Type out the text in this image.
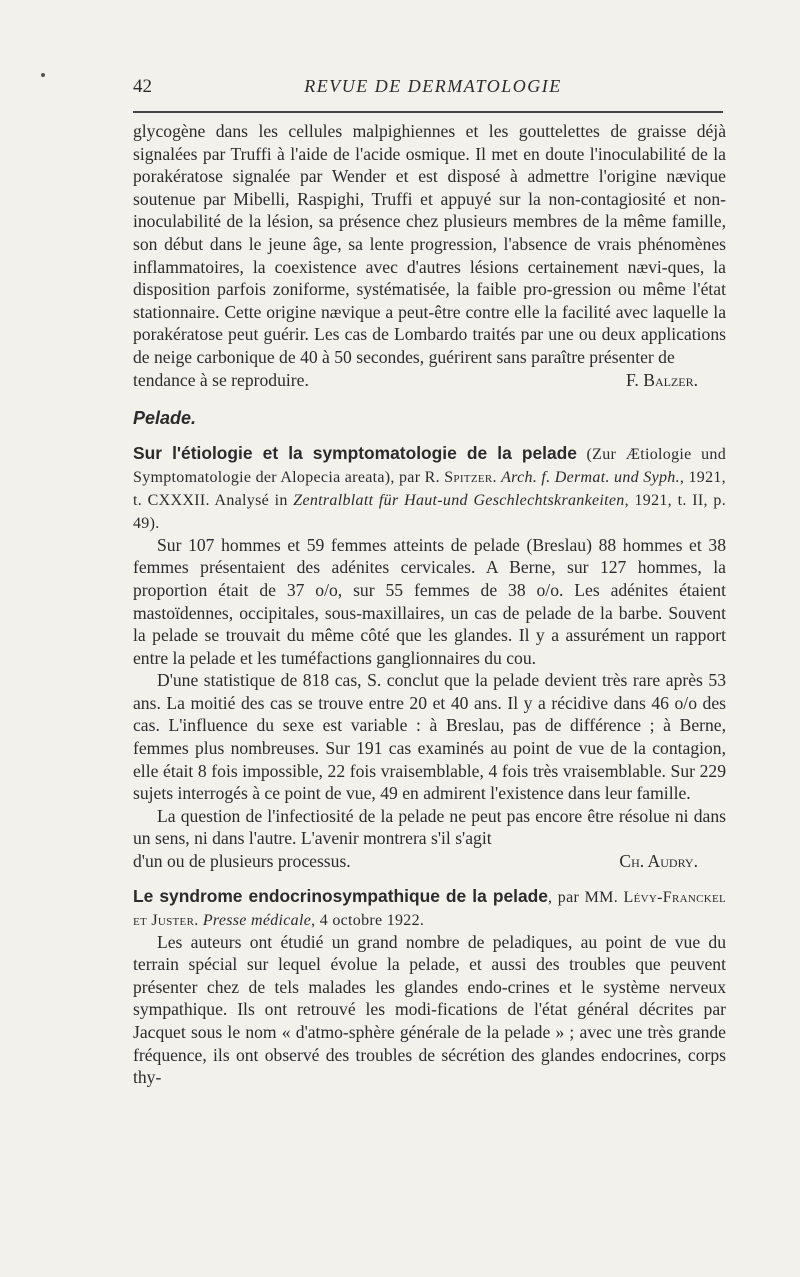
42	REVUE DE DERMATOLOGIE

glycogène dans les cellules malpighiennes et les gouttelettes de graisse déjà signalées par Truffi à l'aide de l'acide osmique. Il met en doute l'inoculabilité de la porakératose signalée par Wender et est disposé à admettre l'origine nævique soutenue par Mibelli, Raspighi, Truffi et appuyé sur la non-contagiosité et non-inoculabilité de la lésion, sa présence chez plusieurs membres de la même famille, son début dans le jeune âge, sa lente progression, l'absence de vrais phénomènes inflammatoires, la coexistence avec d'autres lésions certainement nævi-ques, la disposition parfois zoniforme, systématisée, la faible pro-gression ou même l'état stationnaire. Cette origine nævique a peut-être contre elle la facilité avec laquelle la porakératose peut guérir. Les cas de Lombardo traités par une ou deux applications de neige carbonique de 40 à 50 secondes, guérirent sans paraître présenter de

tendance à se reproduire.	F. Balzer.

Pelade.

Sur l'étiologie et la symptomatologie de la pelade (Zur Ætiologie und Symptomatologie der Alopecia areata), par R. Spitzer. Arch. f. Dermat. und Syph., 1921, t. CXXXII. Analysé in Zentralblatt für Haut-und Geschlechtskrankeiten, 1921, t. II, p. 49).

Sur 107 hommes et 59 femmes atteints de pelade (Breslau) 88 hommes et 38 femmes présentaient des adénites cervicales. A Berne, sur 127 hommes, la proportion était de 37 o/o, sur 55 femmes de 38 o/o. Les adénites étaient mastoïdennes, occipitales, sous-maxillaires, un cas de pelade de la barbe. Souvent la pelade se trouvait du même côté que les glandes. Il y a assurément un rapport entre la pelade et les tuméfactions ganglionnaires du cou.

D'une statistique de 818 cas, S. conclut que la pelade devient très rare après 53 ans. La moitié des cas se trouve entre 20 et 40 ans. Il y a récidive dans 46 o/o des cas. L'influence du sexe est variable : à Breslau, pas de différence ; à Berne, femmes plus nombreuses. Sur 191 cas examinés au point de vue de la contagion, elle était 8 fois impossible, 22 fois vraisemblable, 4 fois très vraisemblable. Sur 229 sujets interrogés à ce point de vue, 49 en admirent l'existence dans leur famille.

La question de l'infectiosité de la pelade ne peut pas encore être résolue ni dans un sens, ni dans l'autre. L'avenir montrera s'il s'agit

d'un ou de plusieurs processus.	Ch. Audry.

Le syndrome endocrinosympathique de la pelade, par MM. Lévy-Franckel et Juster. Presse médicale, 4 octobre 1922.

Les auteurs ont étudié un grand nombre de peladiques, au point de vue du terrain spécial sur lequel évolue la pelade, et aussi des troubles que peuvent présenter chez de tels malades les glandes endo-crines et le système nerveux sympathique. Ils ont retrouvé les modi-fications de l'état général décrites par Jacquet sous le nom « d'atmo-sphère générale de la pelade » ; avec une très grande fréquence, ils ont observé des troubles de sécrétion des glandes endocrines, corps thy-
